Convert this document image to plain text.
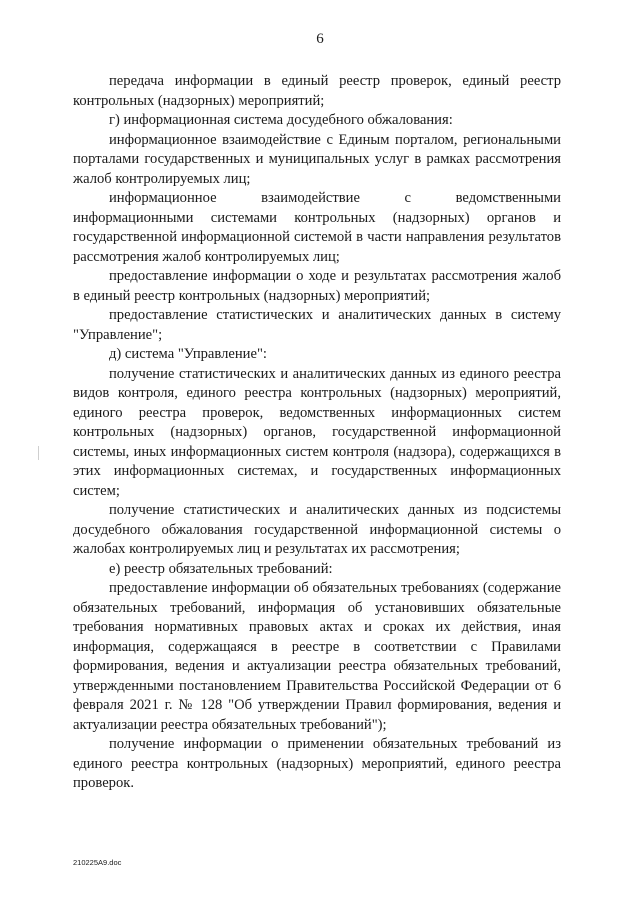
6

передача информации в единый реестр проверок, единый реестр контрольных (надзорных) мероприятий;

г) информационная система досудебного обжалования:

информационное взаимодействие с Единым порталом, региональными порталами государственных и муниципальных услуг в рамках рассмотрения жалоб контролируемых лиц;

информационное взаимодействие с ведомственными информационными системами контрольных (надзорных) органов и государственной информационной системой в части направления результатов рассмотрения жалоб контролируемых лиц;

предоставление информации о ходе и результатах рассмотрения жалоб в единый реестр контрольных (надзорных) мероприятий;

предоставление статистических и аналитических данных в систему "Управление";

д) система "Управление":

получение статистических и аналитических данных из единого реестра видов контроля, единого реестра контрольных (надзорных) мероприятий, единого реестра проверок, ведомственных информационных систем контрольных (надзорных) органов, государственной информационной системы, иных информационных систем контроля (надзора), содержащихся в этих информационных системах, и государственных информационных систем;

получение статистических и аналитических данных из подсистемы досудебного обжалования государственной информационной системы о жалобах контролируемых лиц и результатах их рассмотрения;

е) реестр обязательных требований:

предоставление информации об обязательных требованиях (содержание обязательных требований, информация об установивших обязательные требования нормативных правовых актах и сроках их действия, иная информация, содержащаяся в реестре в соответствии с Правилами формирования, ведения и актуализации реестра обязательных требований, утвержденными постановлением Правительства Российской Федерации от 6 февраля 2021 г. № 128 "Об утверждении Правил формирования, ведения и актуализации реестра обязательных требований");

получение информации о применении обязательных требований из единого реестра контрольных (надзорных) мероприятий, единого реестра проверок.

210225A9.doc
